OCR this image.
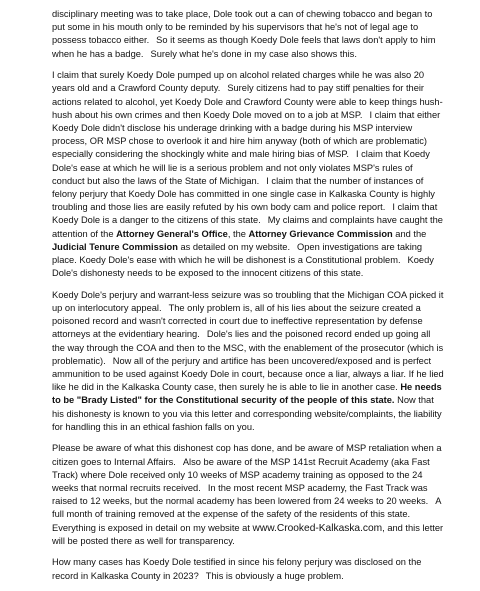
disciplinary meeting was to take place, Dole took out a can of chewing tobacco and began to put some in his mouth only to be reminded by his supervisors that he's not of legal age to possess tobacco either. So it seems as though Koedy Dole feels that laws don't apply to him when he has a badge. Surely what he's done in my case also shows this.

I claim that surely Koedy Dole pumped up on alcohol related charges while he was also 20 years old and a Crawford County deputy. Surely citizens had to pay stiff penalties for their actions related to alcohol, yet Koedy Dole and Crawford County were able to keep things hush-hush about his own crimes and then Koedy Dole moved on to a job at MSP. I claim that either Koedy Dole didn't disclose his underage drinking with a badge during his MSP interview process, OR MSP chose to overlook it and hire him anyway (both of which are problematic) especially considering the shockingly white and male hiring bias of MSP. I claim that Koedy Dole's ease at which he will lie is a serious problem and not only violates MSP's rules of conduct but also the laws of the State of Michigan. I claim that the number of instances of felony perjury that Koedy Dole has committed in one single case in Kalkaska County is highly troubling and those lies are easily refuted by his own body cam and police report. I claim that Koedy Dole is a danger to the citizens of this state. My claims and complaints have caught the attention of the Attorney General's Office, the Attorney Grievance Commission and the Judicial Tenure Commission as detailed on my website. Open investigations are taking place. Koedy Dole's ease with which he will be dishonest is a Constitutional problem. Koedy Dole's dishonesty needs to be exposed to the innocent citizens of this state.

Koedy Dole's perjury and warrant-less seizure was so troubling that the Michigan COA picked it up on interlocutory appeal. The only problem is, all of his lies about the seizure created a poisoned record and wasn't corrected in court due to ineffective representation by defense attorneys at the evidentiary hearing. Dole's lies and the poisoned record ended up going all the way through the COA and then to the MSC, with the enablement of the prosecutor (which is problematic). Now all of the perjury and artifice has been uncovered/exposed and is perfect ammunition to be used against Koedy Dole in court, because once a liar, always a liar. If he lied like he did in the Kalkaska County case, then surely he is able to lie in another case. He needs to be "Brady Listed" for the Constitutional security of the people of this state. Now that his dishonesty is known to you via this letter and corresponding website/complaints, the liability for handling this in an ethical fashion falls on you.

Please be aware of what this dishonest cop has done, and be aware of MSP retaliation when a citizen goes to Internal Affairs. Also be aware of the MSP 141st Recruit Academy (aka Fast Track) where Dole received only 10 weeks of MSP academy training as opposed to the 24 weeks that normal recruits received. In the most recent MSP academy, the Fast Track was raised to 12 weeks, but the normal academy has been lowered from 24 weeks to 20 weeks. A full month of training removed at the expense of the safety of the residents of this state. Everything is exposed in detail on my website at www.Crooked-Kalkaska.com, and this letter will be posted there as well for transparency.

How many cases has Koedy Dole testified in since his felony perjury was disclosed on the record in Kalkaska County in 2023? This is obviously a huge problem.
